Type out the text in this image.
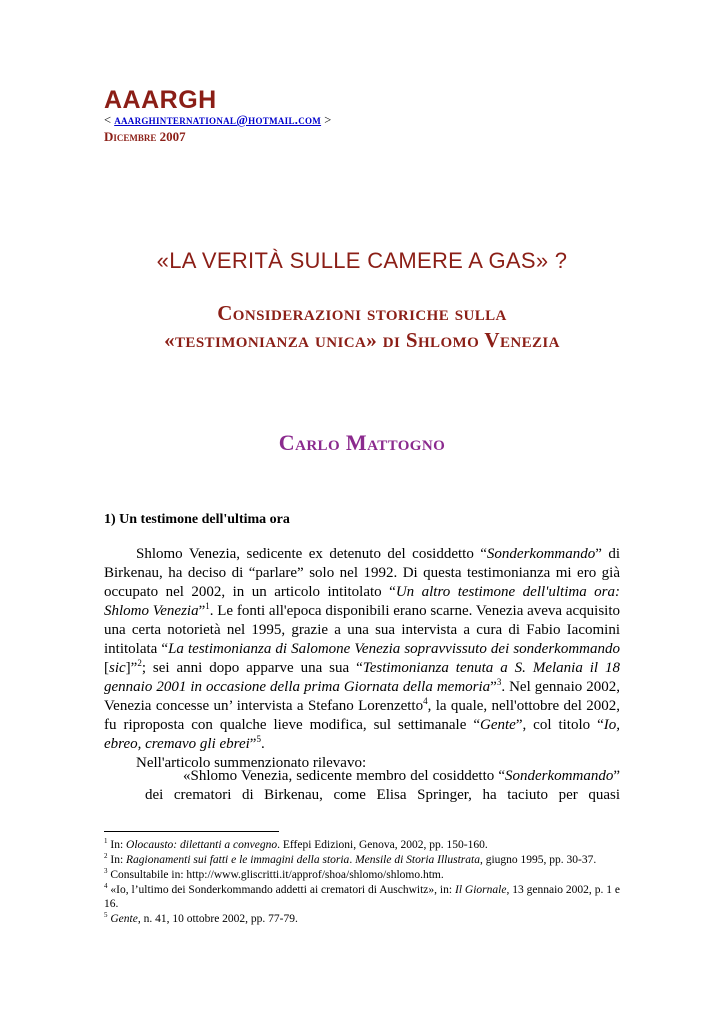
AAARGH
< aaarghinternational@hotmail.com >
Dicembre 2007
«LA VERITÀ SULLE CAMERE A GAS» ?
Considerazioni storiche sulla
«testimonianza unica» di Shlomo Venezia
Carlo Mattogno
1) Un testimone dell'ultima ora

Shlomo Venezia, sedicente ex detenuto del cosiddetto “Sonderkommando” di Birkenau, ha deciso di “parlare” solo nel 1992. Di questa testimonianza mi ero già occupato nel 2002, in un articolo intitolato “Un altro testimone dell'ultima ora: Shlomo Venezia”$^1$. Le fonti all'epoca disponibili erano scarne. Venezia aveva acquisito una certa notorietà nel 1995, grazie a una sua intervista a cura di Fabio Iacomini intitolata “La testimonianza di Salomone Venezia sopravvissuto dei sonderkommando [sic]”$^2$; sei anni dopo apparve una sua “Testimonianza tenuta a S. Melania il 18 gennaio 2001 in occasione della prima Giornata della memoria”$^3$. Nel gennaio 2002, Venezia concesse un’ intervista a Stefano Lorenzetto$^4$, la quale, nell'ottobre del 2002, fu riproposta con qualche lieve modifica, sul settimanale “Gente”, col titolo “Io, ebreo, cremavo gli ebrei”$^5$.

Nell'articolo summenzionato rilevavo:

«Shlomo Venezia, sedicente membro del cosiddetto “Sonderkommando” dei crematori di Birkenau, come Elisa Springer, ha taciuto per quasi

$^1$ In: Olocausto: dilettanti a convegno. Effepi Edizioni, Genova, 2002, pp. 150-160.

$^2$ In: Ragionamenti sui fatti e le immagini della storia. Mensile di Storia Illustrata, giugno 1995, pp. 30-37.

$^3$ Consultabile in: http://www.gliscritti.it/approf/shoa/shlomo/shlomo.htm.

$^4$ «Io, l’ultimo dei Sonderkommando addetti ai crematori di Auschwitz», in: Il Giornale, 13 gennaio 2002, p. 1 e 16.

$^5$ Gente, n. 41, 10 ottobre 2002, pp. 77-79.
